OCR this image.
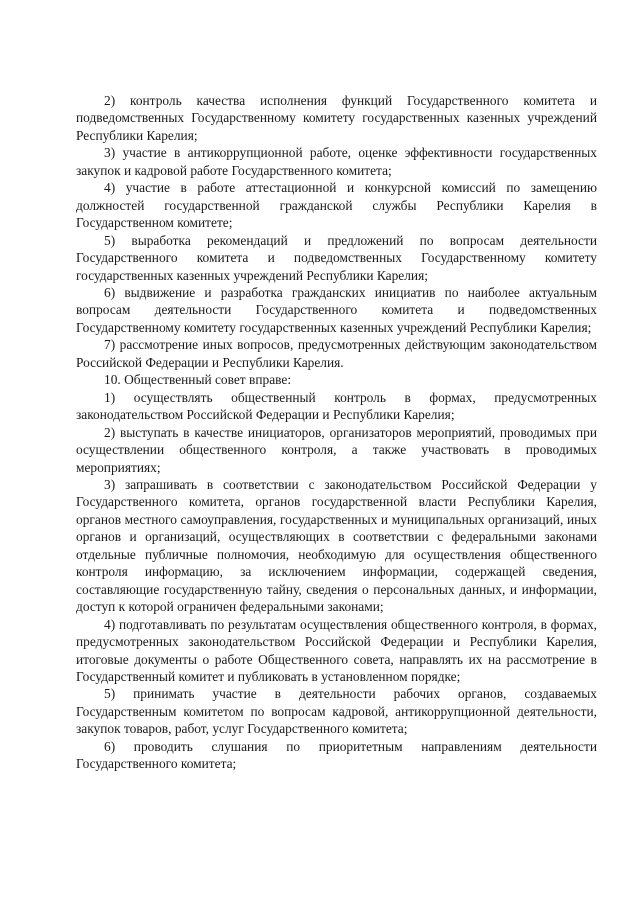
2) контроль качества исполнения функций Государственного комитета и подведомственных Государственному комитету государственных казенных учреждений Республики Карелия;

3) участие в антикоррупционной работе, оценке эффективности государственных закупок и кадровой работе Государственного комитета;

4) участие в работе аттестационной и конкурсной комиссий по замещению должностей государственной гражданской службы Республики Карелия в Государственном комитете;

5) выработка рекомендаций и предложений по вопросам деятельности Государственного комитета и подведомственных Государственному комитету государственных казенных учреждений Республики Карелия;

6) выдвижение и разработка гражданских инициатив по наиболее актуальным вопросам деятельности Государственного комитета и подведомственных Государственному комитету государственных казенных учреждений Республики Карелия;

7) рассмотрение иных вопросов, предусмотренных действующим законодательством Российской Федерации и Республики Карелия.

10. Общественный совет вправе:

1) осуществлять общественный контроль в формах, предусмотренных законодательством Российской Федерации и Республики Карелия;

2) выступать в качестве инициаторов, организаторов мероприятий, проводимых при осуществлении общественного контроля, а также участвовать в проводимых мероприятиях;

3) запрашивать в соответствии с законодательством Российской Федерации у Государственного комитета, органов государственной власти Республики Карелия, органов местного самоуправления, государственных и муниципальных организаций, иных органов и организаций, осуществляющих в соответствии с федеральными законами отдельные публичные полномочия, необходимую для осуществления общественного контроля информацию, за исключением информации, содержащей сведения, составляющие государственную тайну, сведения о персональных данных, и информации, доступ к которой ограничен федеральными законами;

4) подготавливать по результатам осуществления общественного контроля, в формах, предусмотренных законодательством Российской Федерации и Республики Карелия, итоговые документы о работе Общественного совета, направлять их на рассмотрение в Государственный комитет и публиковать в установленном порядке;

5) принимать участие в деятельности рабочих органов, создаваемых Государственным комитетом по вопросам кадровой, антикоррупционной деятельности, закупок товаров, работ, услуг Государственного комитета;

6) проводить слушания по приоритетным направлениям деятельности Государственного комитета;
